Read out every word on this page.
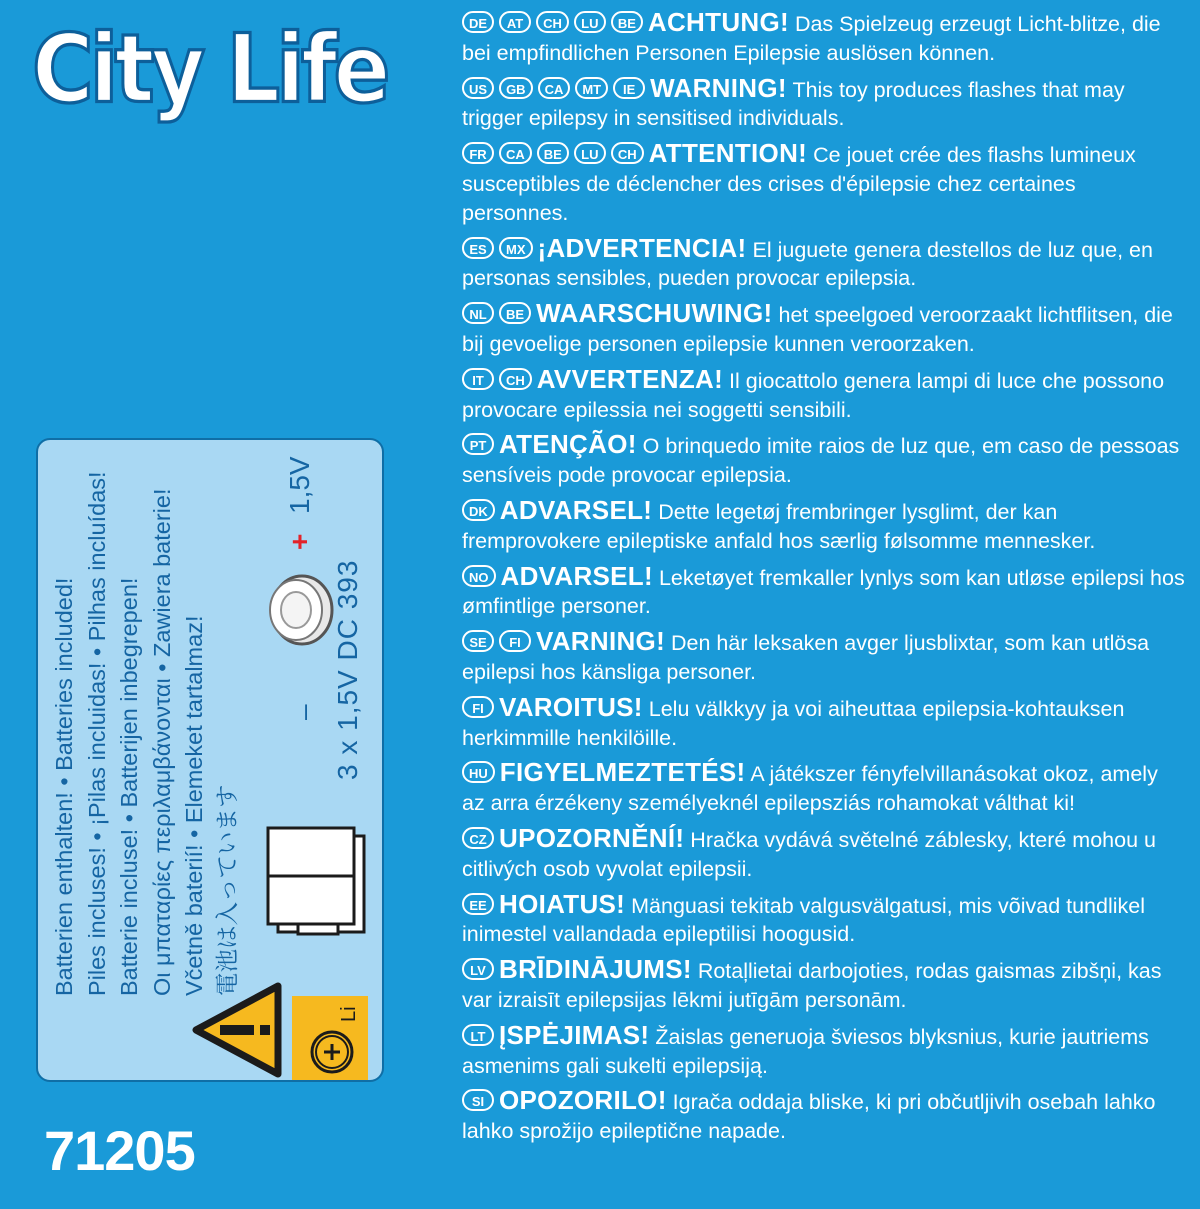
City Life
Li
Batterien enthalten! • Batteries included! Piles incluses! • ¡Pilas incluidas! • Pilhas incluídas! Batterie incluse! • Batterijen inbegrepen! Οι μπαταρίες περιλαμβάνονται • Zawiera baterie! Včetně baterií! • Elemeket tartalmaz! 電池は入っています
–
+
1,5V
3 x 1,5V DC 393
71205
DE AT CH LU BE ACHTUNG! Das Spielzeug erzeugt Licht-blitze, die bei empfindlichen Personen Epilepsie auslösen können.
US GB CA MT IE WARNING! This toy produces flashes that may trigger epilepsy in sensitised individuals.
FR CA BE LU CH ATTENTION! Ce jouet crée des flashs lumineux susceptibles de déclencher des crises d'épilepsie chez certaines personnes.
ES MX ¡ADVERTENCIA! El juguete genera destellos de luz que, en personas sensibles, pueden provocar epilepsia.
NL BE WAARSCHUWING! het speelgoed veroorzaakt lichtflitsen, die bij gevoelige personen epilepsie kunnen veroorzaken.
IT CH AVVERTENZA! Il giocattolo genera lampi di luce che possono provocare epilessia nei soggetti sensibili.
PT ATENÇÃO! O brinquedo imite raios de luz que, em caso de pessoas sensíveis pode provocar epilepsia.
DK ADVARSEL! Dette legetøj frembringer lysglimt, der kan fremprovokere epileptiske anfald hos særlig følsomme mennesker.
NO ADVARSEL! Leketøyet fremkaller lynlys som kan utløse epilepsi hos ømfintlige personer.
SE FI VARNING! Den här leksaken avger ljusblixtar, som kan utlösa epilepsi hos känsliga personer.
FI VAROITUS! Lelu välkkyy ja voi aiheuttaa epilepsia-kohtauksen herkimmille henkilöille.
HU FIGYELMEZTETÉS! A játékszer fényfelvillanásokat okoz, amely az arra érzékeny személyeknél epilepsziás rohamokat válthat ki!
CZ UPOZORNĚNÍ! Hračka vydává světelné záblesky, které mohou u citlivých osob vyvolat epilepsii.
EE HOIATUS! Mänguasi tekitab valgusvälgatusi, mis võivad tundlikel inimestel vallandada epileptilisi hoogusid.
LV BRĪDINĀJUMS! Rotaļlietai darbojoties, rodas gaismas zibšņi, kas var izraisīt epilepsijas lēkmi jutīgām personām.
LT ĮSPĖJIMAS! Žaislas generuoja šviesos blyksnius, kurie jautriems asmenims gali sukelti epilepsiją.
SI OPOZORILO! Igrača oddaja bliske, ki pri občutljivih osebah lahko lahko sprožijo epileptične napade.
